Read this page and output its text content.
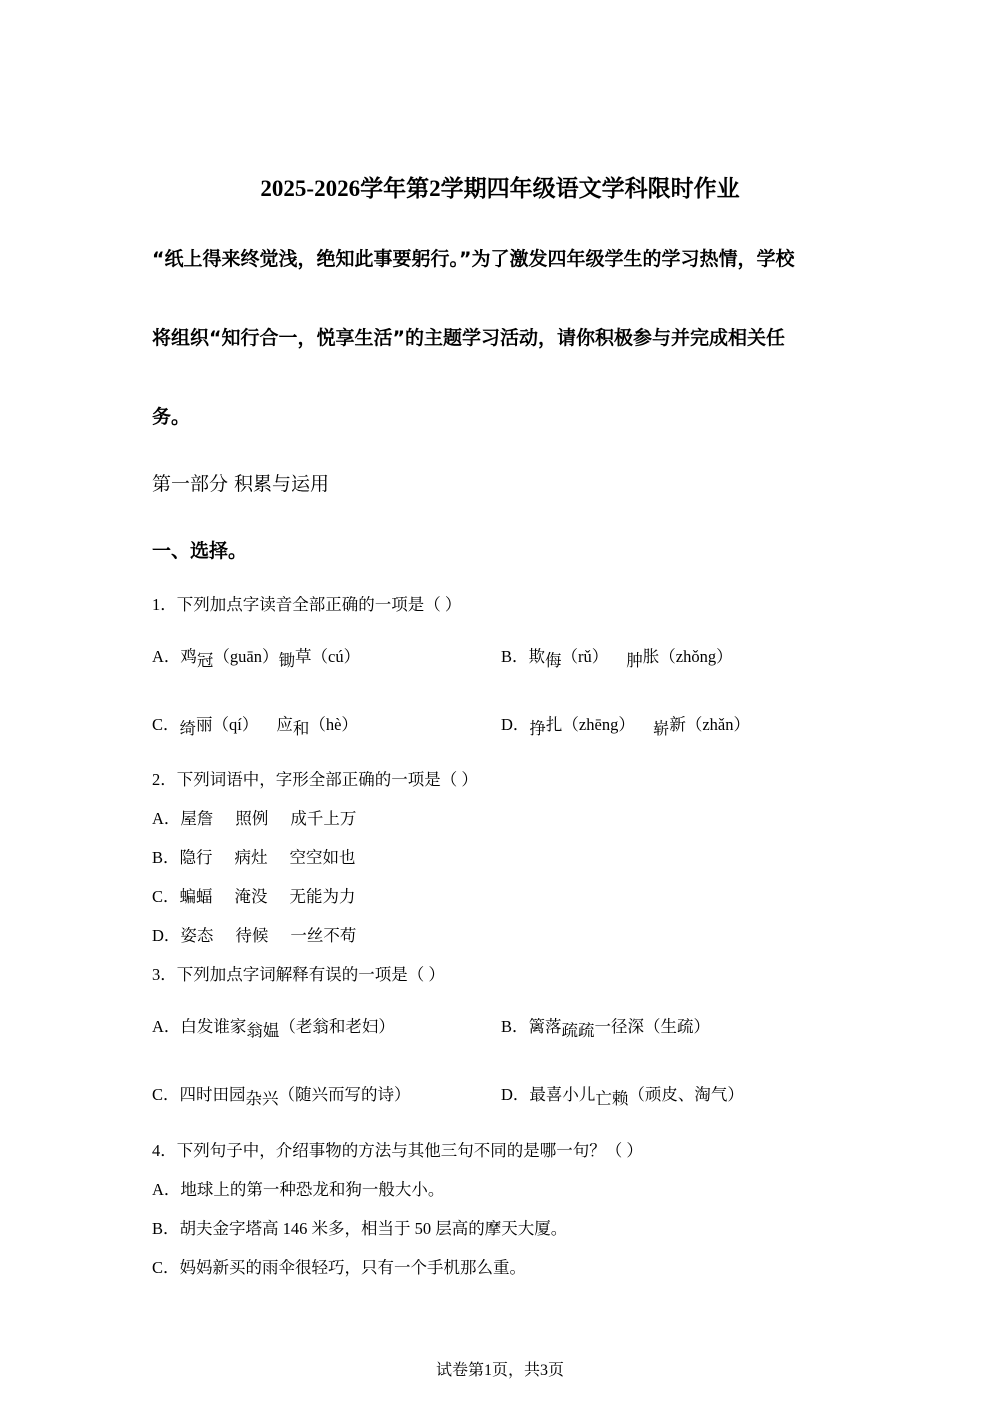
2025-2026学年第2学期四年级语文学科限时作业
“纸上得来终觉浅，绝知此事要躬行。”为了激发四年级学生的学习热情，学校
将组织“知行合一，悦享生活”的主题学习活动，请你积极参与并完成相关任
务。
第一部分 积累与运用
一、选择。
1．下列加点字读音全部正确的一项是（ ）
A．鸡冠（guān）锄草（cú）	B．欺侮（rǔ） 肿胀（zhǒng）
C．绮丽（qí） 应和（hè）	D．挣扎（zhēng） 崭新（zhǎn）
2．下列词语中，字形全部正确的一项是（ ）
A．屋詹 照例 成千上万
B．隐行 病灶 空空如也
C．蝙蝠 淹没 无能为力
D．姿态 待候 一丝不苟
3．下列加点字词解释有误的一项是（ ）
A．白发谁家翁媪（老翁和老妇）	B．篱落疏疏一径深（生疏）
C．四时田园杂兴（随兴而写的诗）	D．最喜小儿亡赖（顽皮、淘气）
4．下列句子中，介绍事物的方法与其他三句不同的是哪一句？（ ）
A．地球上的第一种恐龙和狗一般大小。
B．胡夫金字塔高 146 米多，相当于 50 层高的摩天大厦。
C．妈妈新买的雨伞很轻巧，只有一个手机那么重。
试卷第1页，共3页
